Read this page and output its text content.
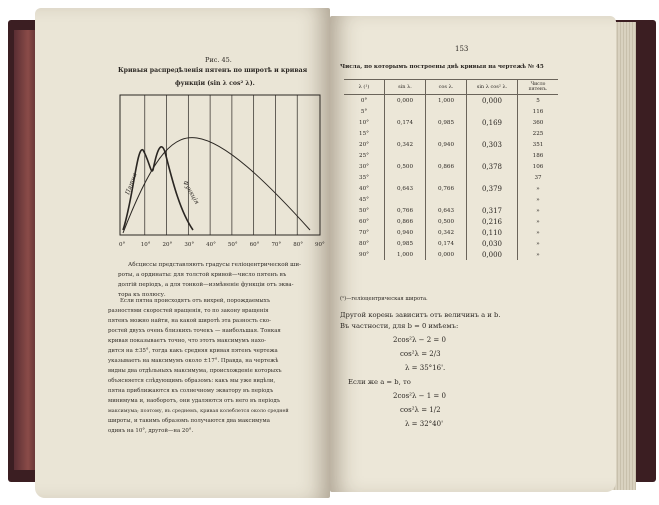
Рис. 45.
Кривыя распредѣленія пятенъ по широтѣ и кривая
функціи (sin λ cos² λ).
Пятна	Функція
0°	10° 20° 30° 40° 50° 60° 70° 80° 90°
Абсциссы представляютъ градусы геліоцентрической ши-
роты, а ординаты: для толстой кривой—число пятенъ въ
долгій періодъ, а для тонкой—измѣненіе функціи отъ эква-
тора къ полюсу.
Если пятна происходятъ отъ вихрей, порождаемыхъ
разностями скоростей вращенія, то по закону вращенія
пятенъ можно найти, на какой широтѣ эта разность ско-
ростей двухъ очень близкихъ точекъ — наибольшая. Тонкая
кривая показываетъ точно, что этотъ максимумъ нахо-
дится на ±35°, тогда какъ средняя кривая пятенъ чертежа
указываетъ на максимумъ около ±17°. Правда, на чертежѣ
видны два отдѣльныхъ максимума, происхожденіе которыхъ
объясняется слѣдующимъ образомъ: какъ мы уже видѣли,
пятна приближаются къ солнечному экватору въ періодъ
минимума и, наоборотъ, они удаляются отъ него въ періодъ
максимума; поэтому, въ среднемъ, кривая колеблется около средней
широты, и такимъ образомъ получаются два максимума
одинъ на 10°, другой—на 20°.
153
Числа, по которымъ построены двѣ кривыя на чертежѣ № 45
λ (¹)	sin λ.	cos λ.	sin λ cos² λ.	Число пятенъ.
0°	0,000	1,000	0,000	5
5°				116
10°	0,174	0,985	0,169	360
15°				225
20°	0,342	0,940	0,303	351
25°				186
30°	0,500	0,866	0,378	106
35°				37
40°	0,643	0,766	0,379	»
45°				»
50°	0,766	0,643	0,317	»
60°	0,866	0,500	0,216	»
70°	0,940	0,342	0,110	»
80°	0,985	0,174	0,030	»
90°	1,000	0,000	0,000	»
(¹)—геліоцентрическая широта.
Другой корень зависитъ отъ величинъ a и b.
Въ частности, для b = 0 имѣемъ:
2cos²λ − 2 = 0
cos²λ = 2/3
λ = 35°16'.
Если же a = b, то
2cos²λ − 1 = 0
cos²λ = 1/2
λ = 32°40'
